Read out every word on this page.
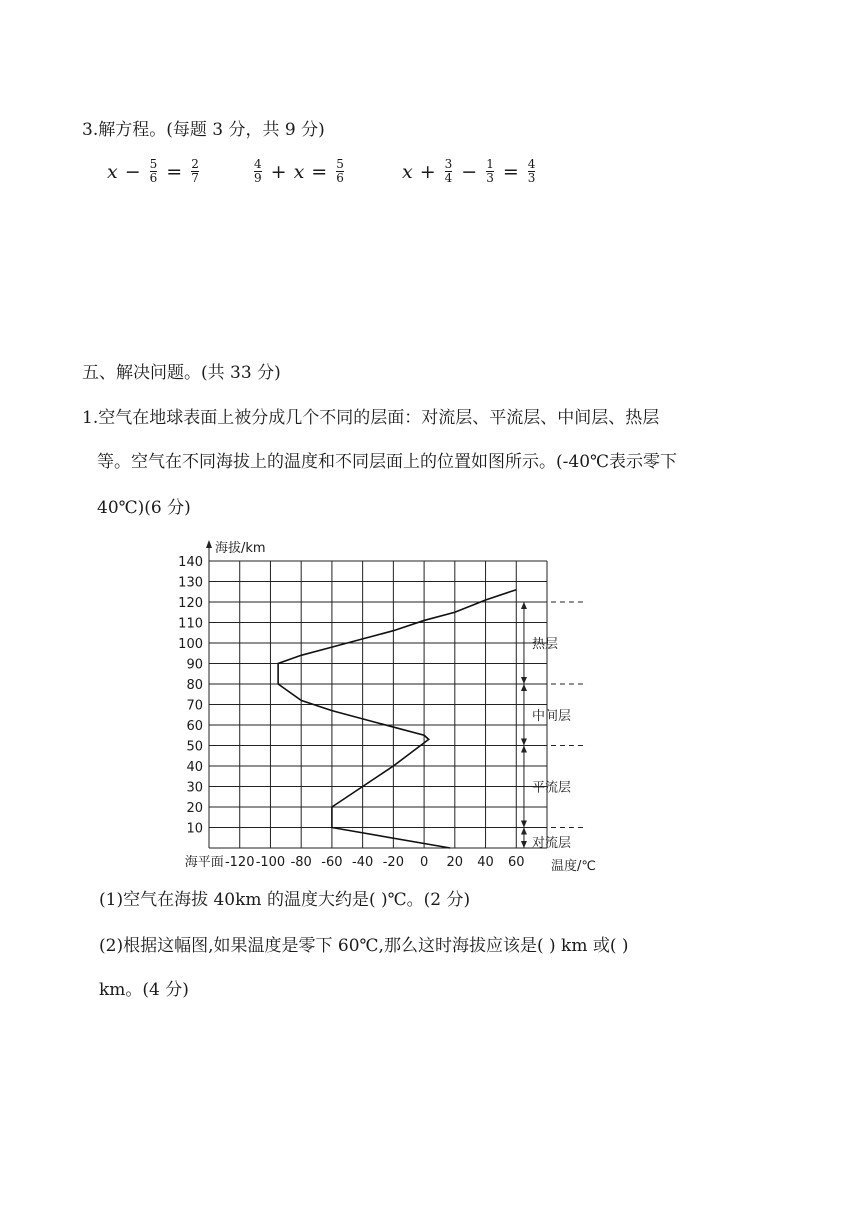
3.解方程。(每题 3 分，共 9 分)
$x - \frac{5}{6} = \frac{2}{7}$	$\frac{4}{9} + x = \frac{5}{6}$	$x + \frac{3}{4} - \frac{1}{3} = \frac{4}{3}$
五、解决问题。(共 33 分)
1.空气在地球表面上被分成几个不同的层面：对流层、平流层、中间层、热层
等。空气在不同海拔上的温度和不同层面上的位置如图所示。(-40℃表示零下
40℃)(6 分)
海拔/km
10
20
30
40
50
60
70
80
90
100
110
120
130
140
-120 -100 -80 -60 -40 -20 0 20 40 60
海平面	温度/℃
对流层
平流层
中间层
热层
(1)空气在海拔 40km 的温度大约是( )℃。(2 分)
(2)根据这幅图,如果温度是零下 60℃,那么这时海拔应该是( ) km 或( )
km。(4 分)
